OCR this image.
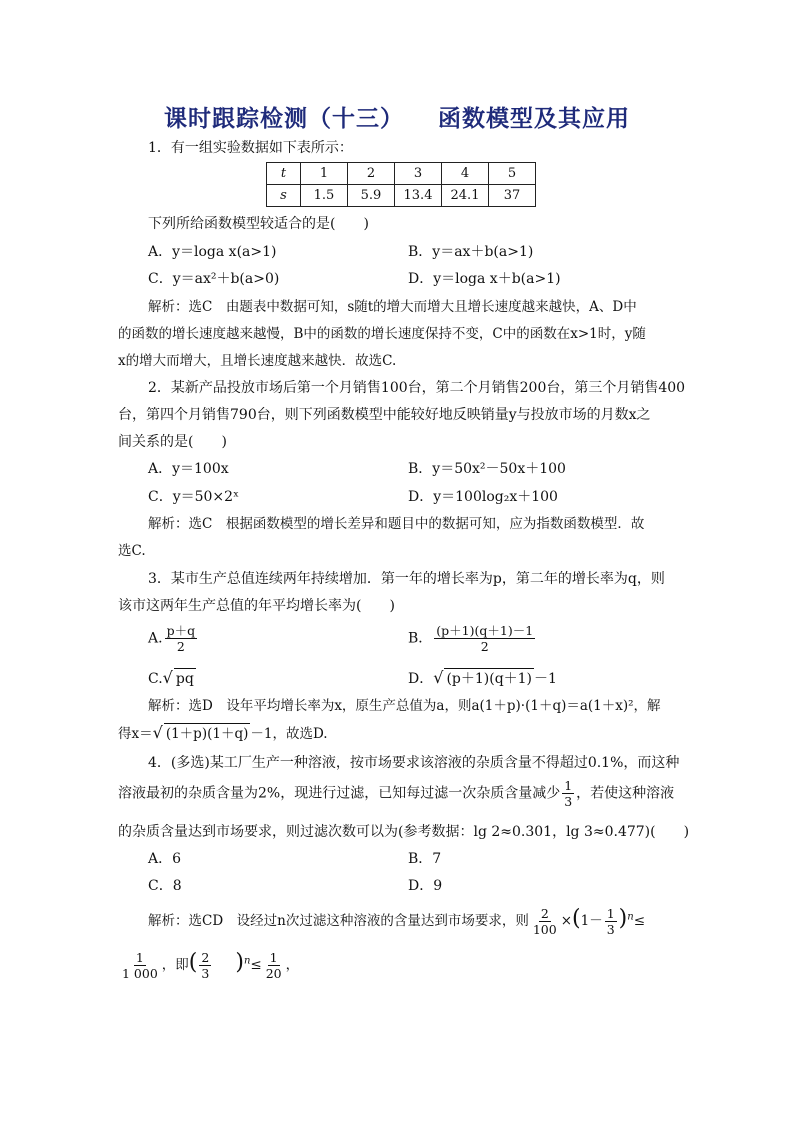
课时跟踪检测（十三） 函数模型及其应用
1．有一组实验数据如下表所示：
t	1	2	3	4	5
s	1.5	5.9	13.4	24.1	37
下列所给函数模型较适合的是(　　)
A．y＝loga x(a>1)	B．y＝ax＋b(a>1)
C．y＝ax²＋b(a>0)	D．y＝loga x＋b(a>1)
解析：选C　由题表中数据可知，s随t的增大而增大且增长速度越来越快，A、D中
的函数的增长速度越来越慢，B中的函数的增长速度保持不变，C中的函数在x>1时，y随
x的增大而增大，且增长速度越来越快．故选C.
2．某新产品投放市场后第一个月销售100台，第二个月销售200台，第三个月销售400
台，第四个月销售790台，则下列函数模型中能较好地反映销量y与投放市场的月数x之
间关系的是(　　)
A．y＝100x	B．y＝50x²－50x＋100
C．y＝50×2ˣ	D．y＝100log₂x＋100
解析：选C　根据函数模型的增长差异和题目中的数据可知，应为指数函数模型．故
选C.
3．某市生产总值连续两年持续增加．第一年的增长率为p，第二年的增长率为q，则
该市这两年生产总值的年平均增长率为(　　)
A. $\frac{p+q}{2}$	B． $\frac{(p+1)(q+1)-1}{2}$
C.√ pq	D．√ (p＋1)(q＋1) －1
解析：选D　设年平均增长率为x，原生产总值为a，则a(1＋p)·(1＋q)＝a(1＋x)²，解
得x＝√ (1＋p)(1＋q) －1，故选D.
4．(多选)某工厂生产一种溶液，按市场要求该溶液的杂质含量不得超过0.1%，而这种
溶液最初的杂质含量为2%，现进行过滤，已知每过滤一次杂质含量减少 $\frac{1}{3}$ ，若使这种溶液
的杂质含量达到市场要求，则过滤次数可以为(参考数据：lg 2≈0.301，lg 3≈0.477)(　　)
A．6	B．7
C．8	D．9
解析：选CD　设经过n次过滤这种溶液的含量达到市场要求，则 $\frac{2}{100} \times(1- \frac{1}{3} )^n\le$
$\frac{1}{1 000}$ ，即( $\frac{2}{3} )^n\le \frac{1}{20}$ ，
